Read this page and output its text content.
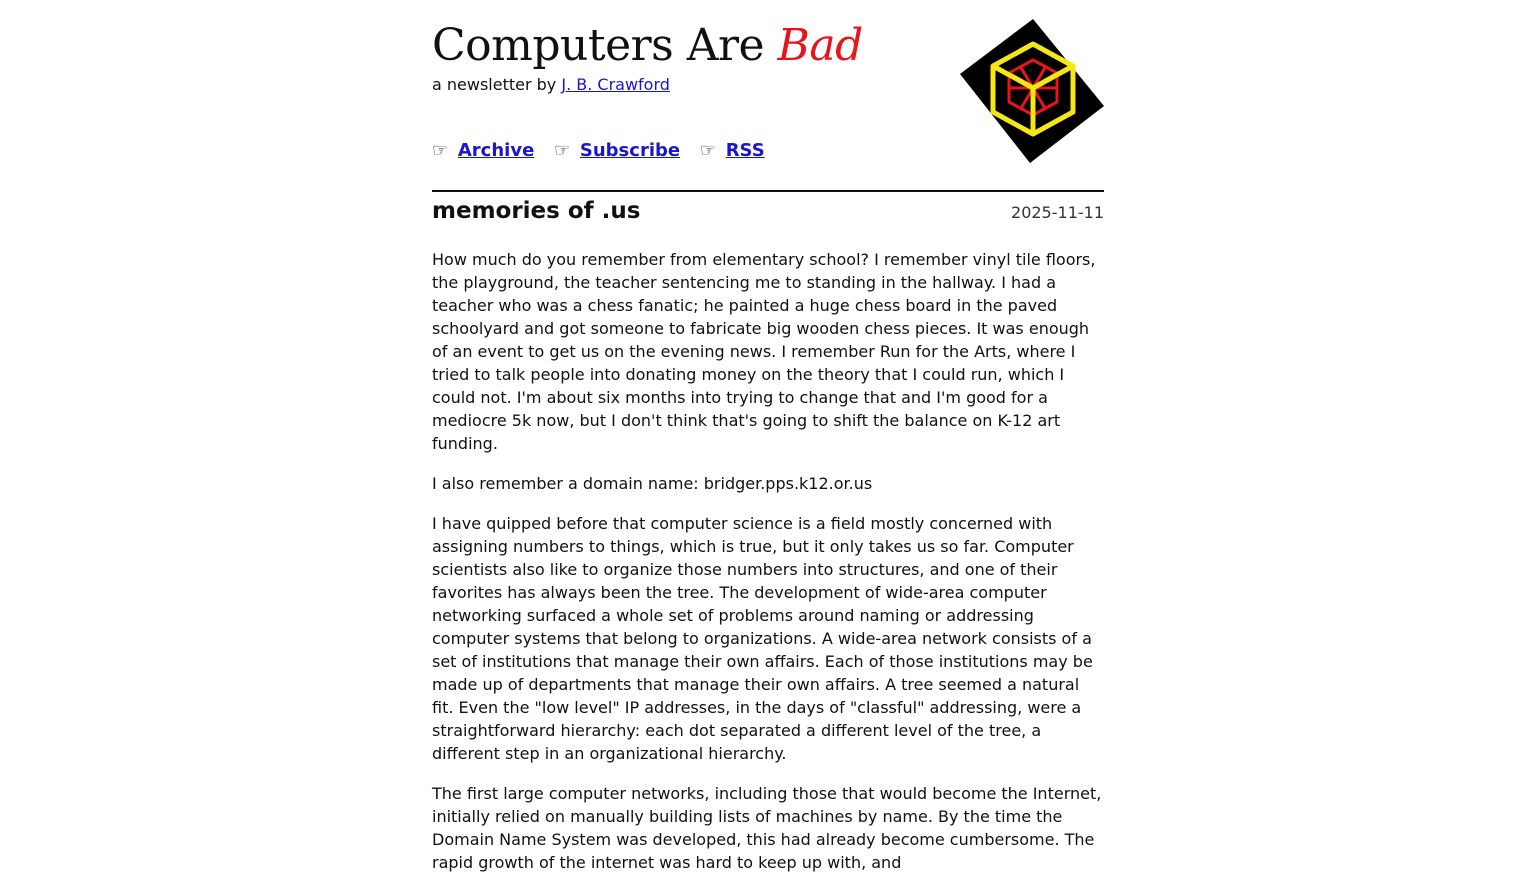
Computers Are Bad
a newsletter by J. B. Crawford
☞ Archive ☞ Subscribe ☞ RSS
memories of .us	2025-11-11

How much do you remember from elementary school? I remember vinyl tile floors, the playground, the teacher sentencing me to standing in the hallway. I had a teacher who was a chess fanatic; he painted a huge chess board in the paved schoolyard and got someone to fabricate big wooden chess pieces. It was enough of an event to get us on the evening news. I remember Run for the Arts, where I tried to talk people into donating money on the theory that I could run, which I could not. I'm about six months into trying to change that and I'm good for a mediocre 5k now, but I don't think that's going to shift the balance on K-12 art funding.

I also remember a domain name: bridger.pps.k12.or.us

I have quipped before that computer science is a field mostly concerned with assigning numbers to things, which is true, but it only takes us so far. Computer scientists also like to organize those numbers into structures, and one of their favorites has always been the tree. The development of wide-area computer networking surfaced a whole set of problems around naming or addressing computer systems that belong to organizations. A wide-area network consists of a set of institutions that manage their own affairs. Each of those institutions may be made up of departments that manage their own affairs. A tree seemed a natural fit. Even the "low level" IP addresses, in the days of "classful" addressing, were a straightforward hierarchy: each dot separated a different level of the tree, a different step in an organizational hierarchy.

The first large computer networks, including those that would become the Internet, initially relied on manually building lists of machines by name. By the time the Domain Name System was developed, this had already become cumbersome. The rapid growth of the internet was hard to keep up with, and
